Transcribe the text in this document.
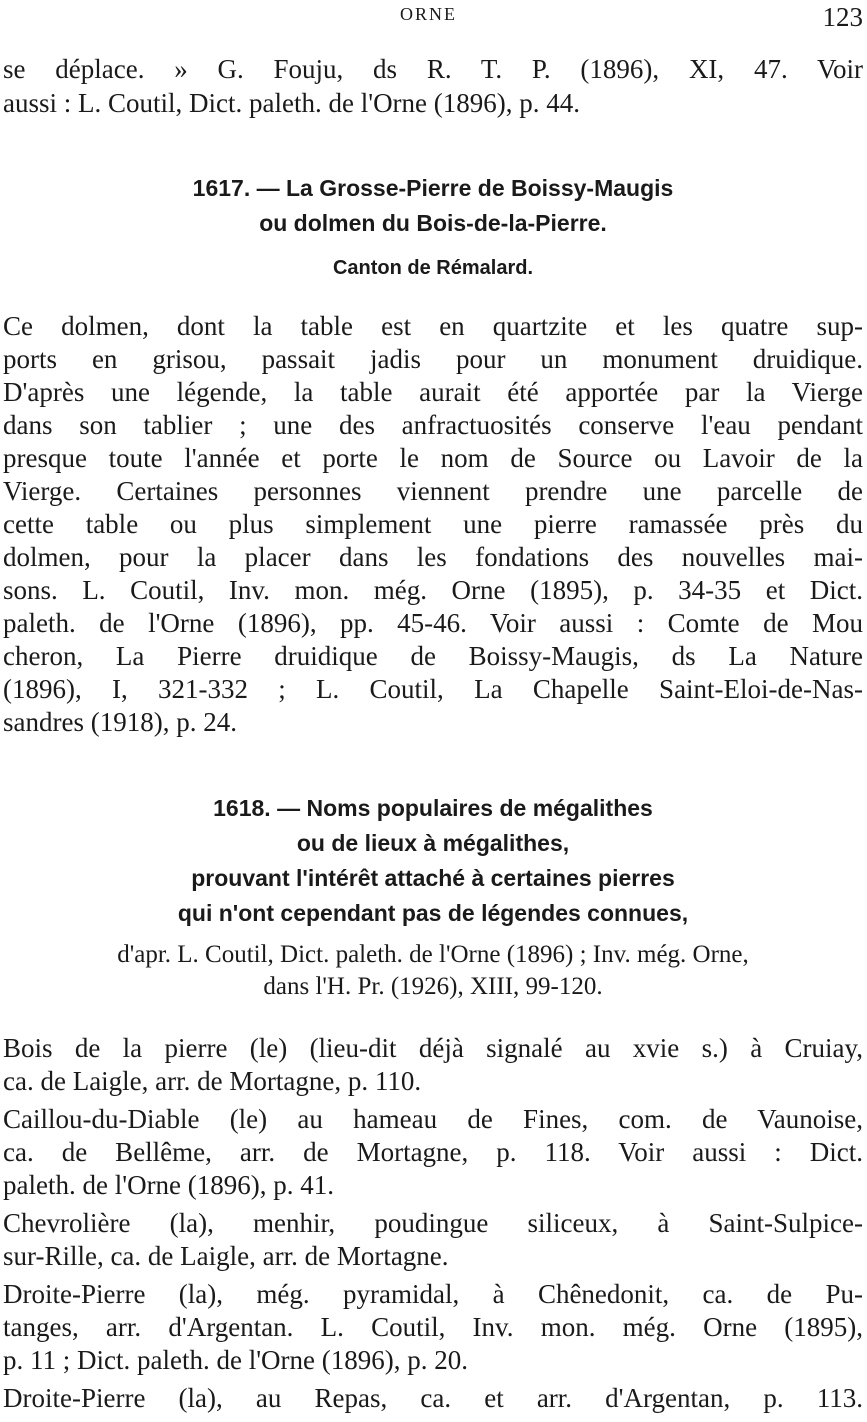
ORNE	123
se déplace. » G. Fouju, ds R. T. P. (1896), XI, 47. Voir
aussi : L. Coutil, Dict. paleth. de l'Orne (1896), p. 44.
1617. — La Grosse-Pierre de Boissy-Maugis
ou dolmen du Bois-de-la-Pierre.
Canton de Rémalard.
Ce dolmen, dont la table est en quartzite et les quatre sup-
ports en grisou, passait jadis pour un monument druidique.
D'après une légende, la table aurait été apportée par la Vierge
dans son tablier ; une des anfractuosités conserve l'eau pendant
presque toute l'année et porte le nom de Source ou Lavoir de la
Vierge. Certaines personnes viennent prendre une parcelle de
cette table ou plus simplement une pierre ramassée près du
dolmen, pour la placer dans les fondations des nouvelles mai-
sons. L. Coutil, Inv. mon. még. Orne (1895), p. 34-35 et Dict.
paleth. de l'Orne (1896), pp. 45-46. Voir aussi : Comte de Mou
cheron, La Pierre druidique de Boissy-Maugis, ds La Nature
(1896), I, 321-332 ; L. Coutil, La Chapelle Saint-Eloi-de-Nas-
sandres (1918), p. 24.
1618. — Noms populaires de mégalithes
ou de lieux à mégalithes,
prouvant l'intérêt attaché à certaines pierres
qui n'ont cependant pas de légendes connues,
d'apr. L. Coutil, Dict. paleth. de l'Orne (1896) ; Inv. még. Orne,
dans l'H. Pr. (1926), XIII, 99-120.
Bois de la pierre (le) (lieu-dit déjà signalé au xvie s.) à Cruiay,
ca. de Laigle, arr. de Mortagne, p. 110.
Caillou-du-Diable (le) au hameau de Fines, com. de Vaunoise,
ca. de Bellême, arr. de Mortagne, p. 118. Voir aussi : Dict.
paleth. de l'Orne (1896), p. 41.
Chevrolière (la), menhir, poudingue siliceux, à Saint-Sulpice-
sur-Rille, ca. de Laigle, arr. de Mortagne.
Droite-Pierre (la), még. pyramidal, à Chênedonit, ca. de Pu-
tanges, arr. d'Argentan. L. Coutil, Inv. mon. még. Orne (1895),
p. 11 ; Dict. paleth. de l'Orne (1896), p. 20.
Droite-Pierre (la), au Repas, ca. et arr. d'Argentan, p. 113.
